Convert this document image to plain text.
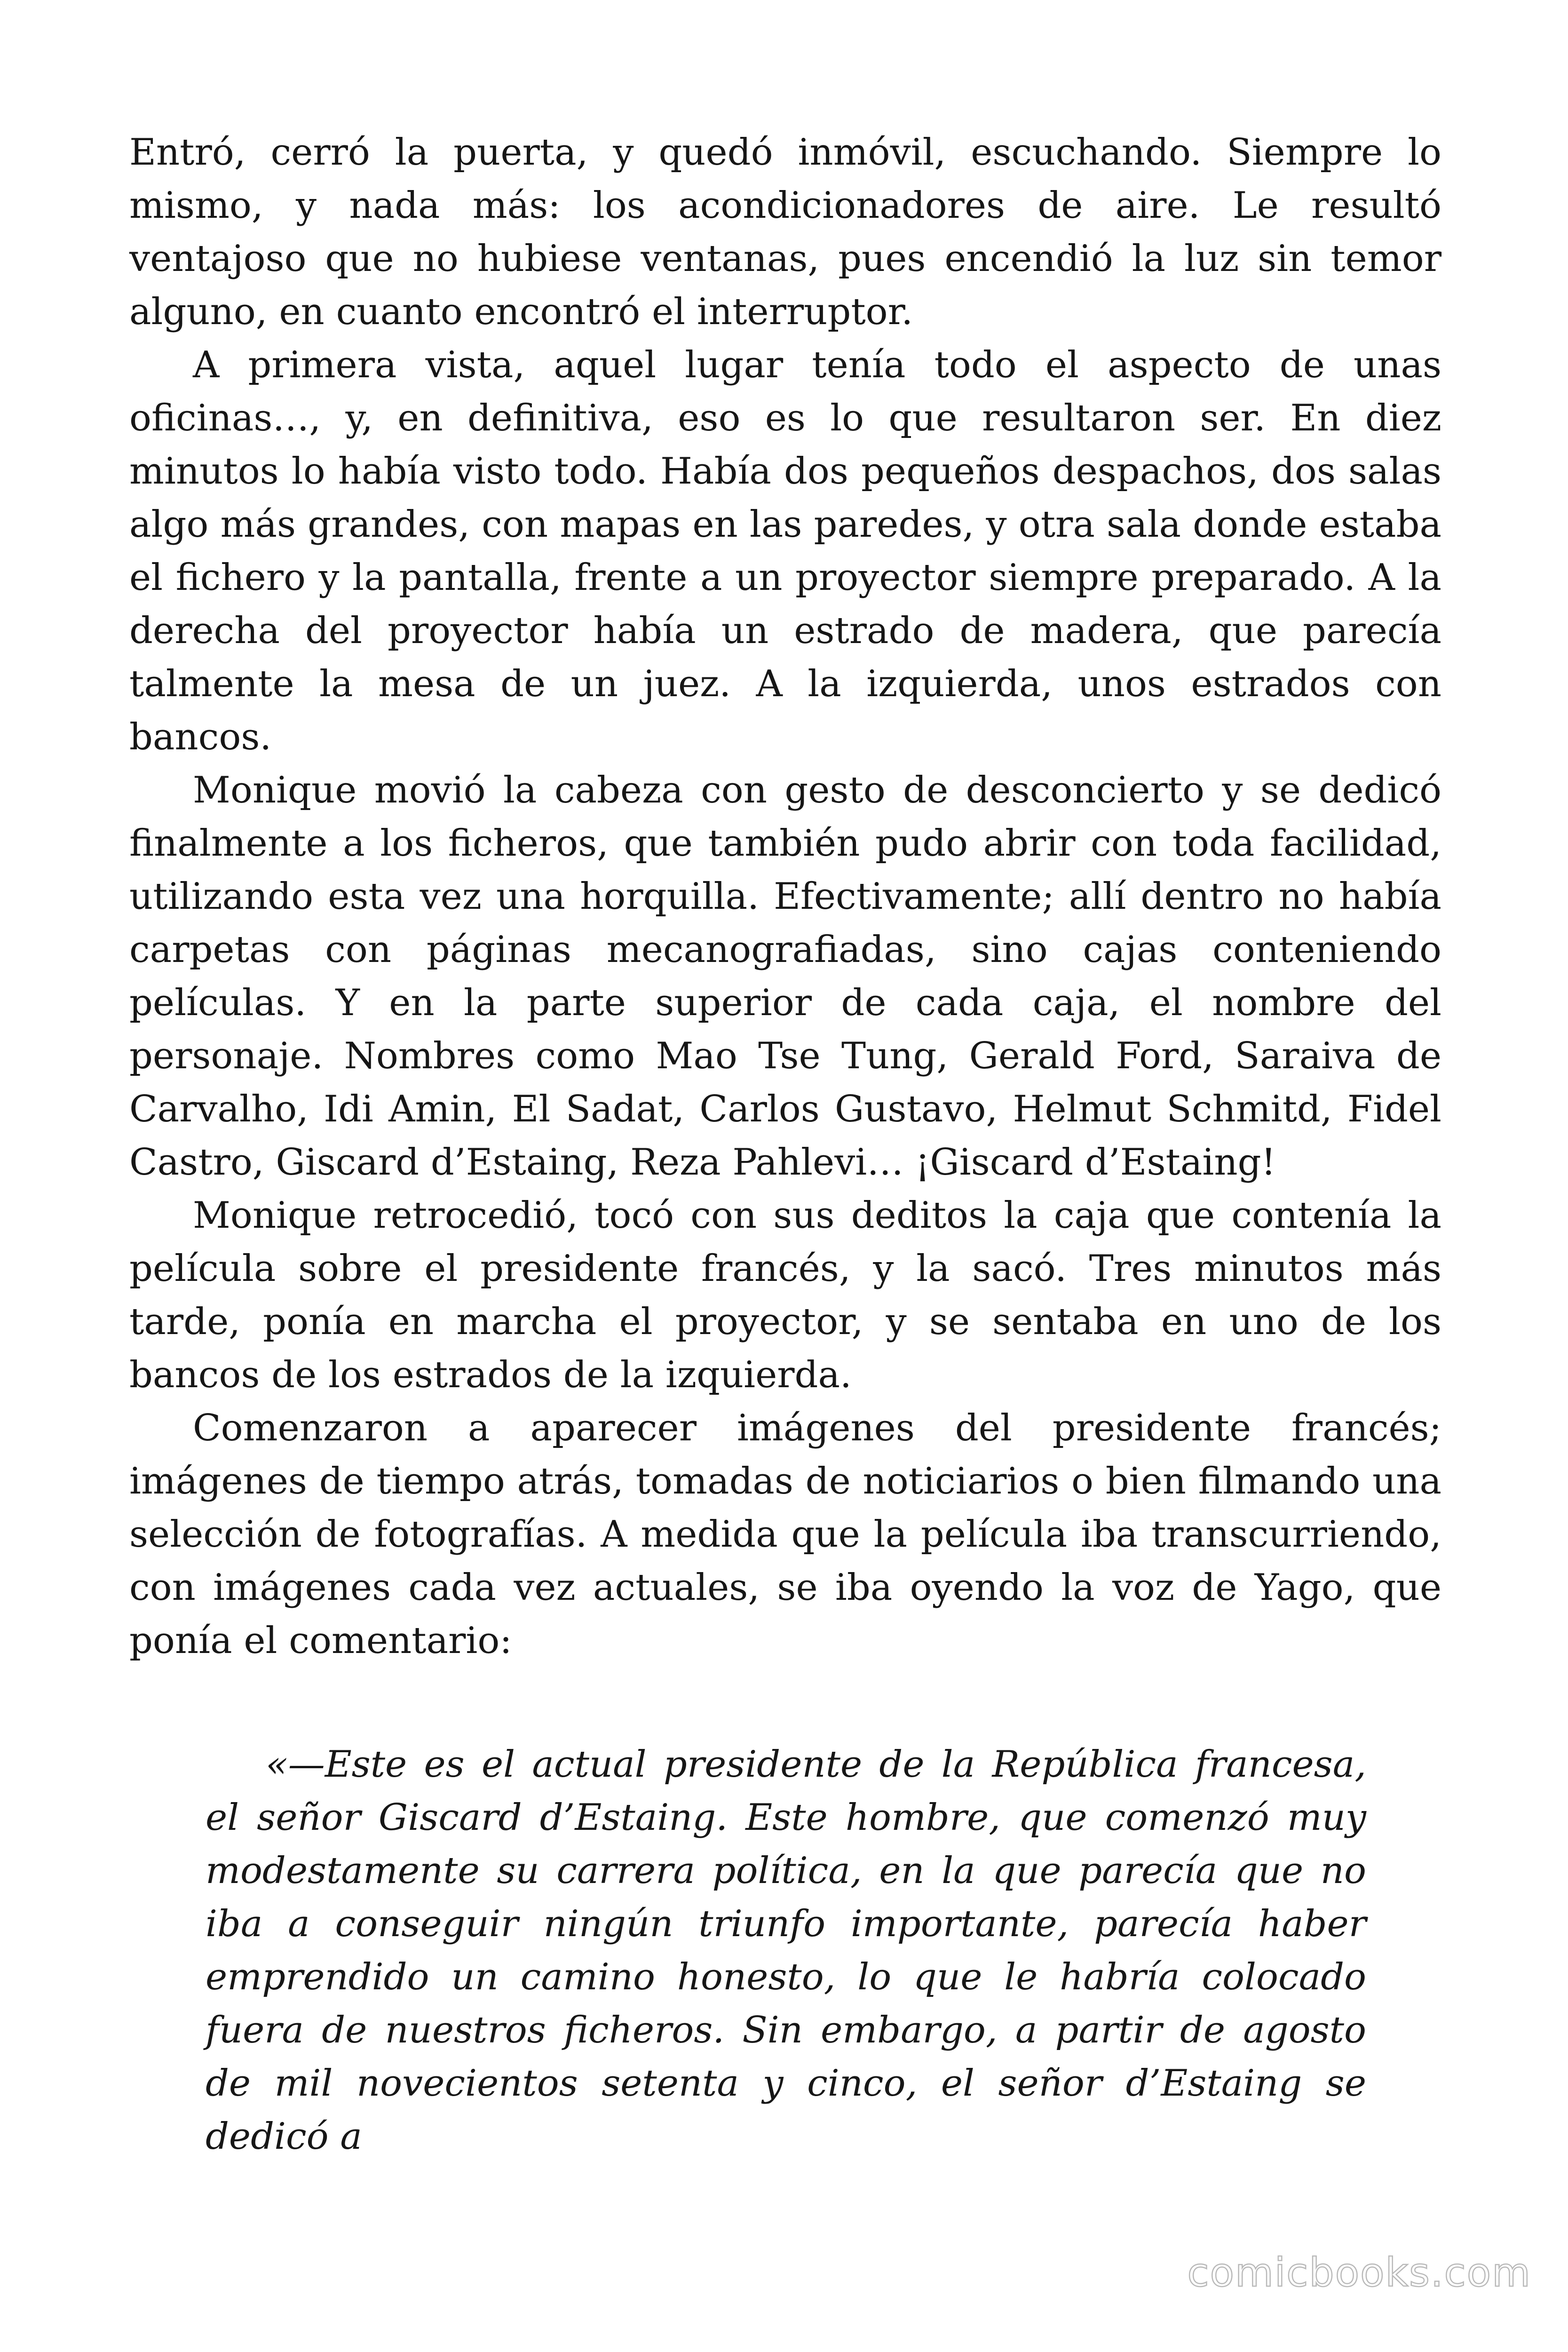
Entró, cerró la puerta, y quedó inmóvil, escuchando. Siempre lo mismo, y nada más: los acondicionadores de aire. Le resultó ventajoso que no hubiese ventanas, pues encendió la luz sin temor alguno, en cuanto encontró el interruptor.

A primera vista, aquel lugar tenía todo el aspecto de unas oficinas…, y, en definitiva, eso es lo que resultaron ser. En diez minutos lo había visto todo. Había dos pequeños despachos, dos salas algo más grandes, con mapas en las paredes, y otra sala donde estaba el fichero y la pantalla, frente a un proyector siempre preparado. A la derecha del proyector había un estrado de madera, que parecía talmente la mesa de un juez. A la izquierda, unos estrados con bancos.

Monique movió la cabeza con gesto de desconcierto y se dedicó finalmente a los ficheros, que también pudo abrir con toda facilidad, utilizando esta vez una horquilla. Efectivamente; allí dentro no había carpetas con páginas mecanografiadas, sino cajas conteniendo películas. Y en la parte superior de cada caja, el nombre del personaje. Nombres como Mao Tse Tung, Gerald Ford, Saraiva de Carvalho, Idi Amin, El Sadat, Carlos Gustavo, Helmut Schmitd, Fidel Castro, Giscard d’Estaing, Reza Pahlevi… ¡Giscard d’Estaing!

Monique retrocedió, tocó con sus deditos la caja que contenía la película sobre el presidente francés, y la sacó. Tres minutos más tarde, ponía en marcha el proyector, y se sentaba en uno de los bancos de los estrados de la izquierda.

Comenzaron a aparecer imágenes del presidente francés; imágenes de tiempo atrás, tomadas de noticiarios o bien filmando una selección de fotografías. A medida que la película iba transcurriendo, con imágenes cada vez actuales, se iba oyendo la voz de Yago, que ponía el comentario:

«—Este es el actual presidente de la República francesa, el señor Giscard d’Estaing. Este hombre, que comenzó muy modestamente su carrera política, en la que parecía que no iba a conseguir ningún triunfo importante, parecía haber emprendido un camino honesto, lo que le habría colocado fuera de nuestros ficheros. Sin embargo, a partir de agosto de mil novecientos setenta y cinco, el señor d’Estaing se dedicó a

comicbooks.com
